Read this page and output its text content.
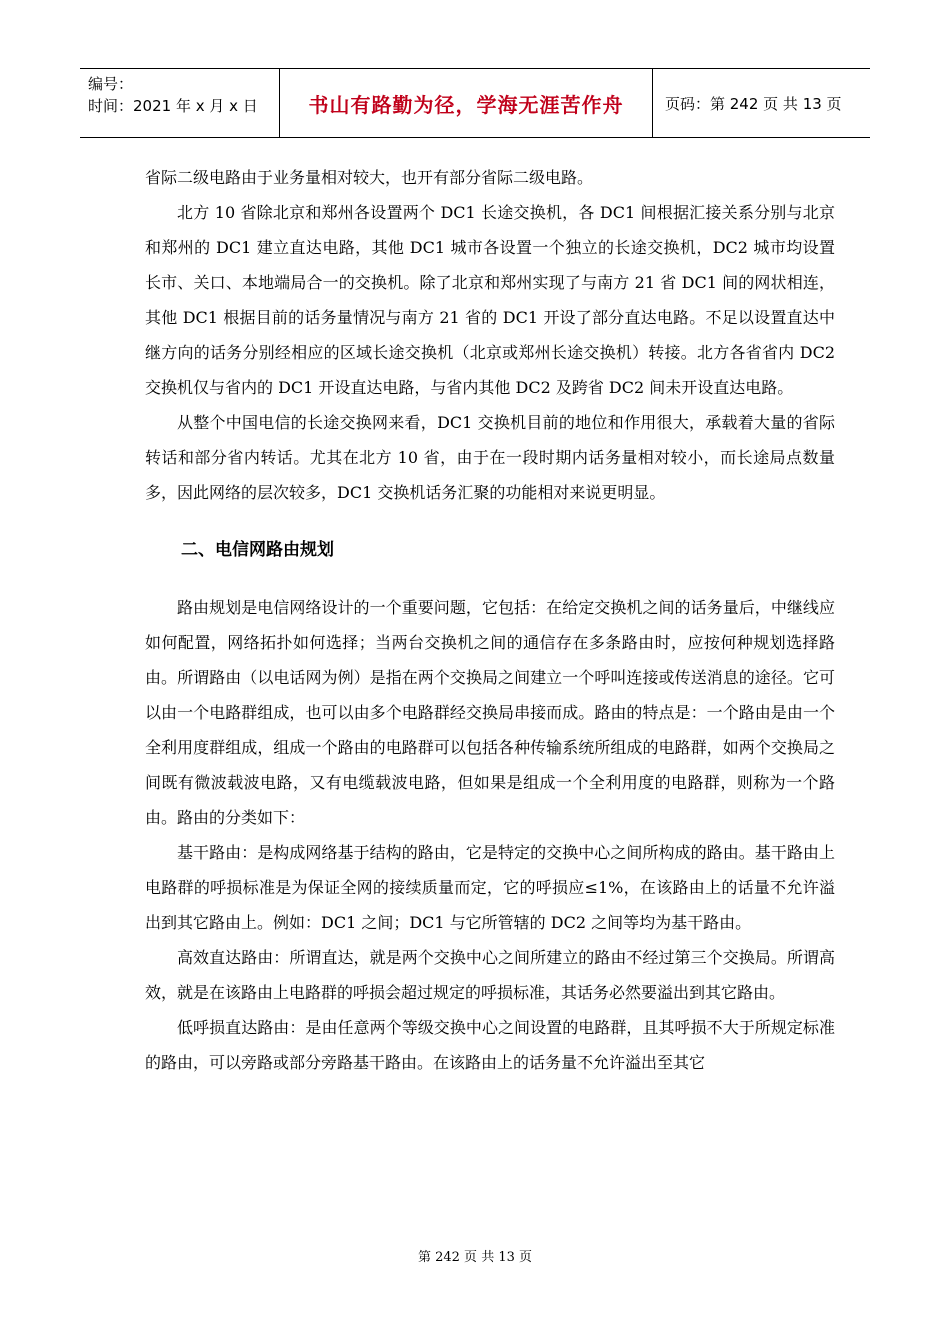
编号：
时间：2021 年 x 月 x 日	书山有路勤为径，学海无涯苦作舟	页码：第 242 页 共 13 页

省际二级电路由于业务量相对较大，也开有部分省际二级电路。

北方 10 省除北京和郑州各设置两个 DC1 长途交换机，各 DC1 间根据汇接关系分别与北京和郑州的 DC1 建立直达电路，其他 DC1 城市各设置一个独立的长途交换机，DC2 城市均设置长市、关口、本地端局合一的交换机。除了北京和郑州实现了与南方 21 省 DC1 间的网状相连，其他 DC1 根据目前的话务量情况与南方 21 省的 DC1 开设了部分直达电路。不足以设置直达中继方向的话务分别经相应的区域长途交换机（北京或郑州长途交换机）转接。北方各省省内 DC2 交换机仅与省内的 DC1 开设直达电路，与省内其他 DC2 及跨省 DC2 间未开设直达电路。

从整个中国电信的长途交换网来看，DC1 交换机目前的地位和作用很大，承载着大量的省际转话和部分省内转话。尤其在北方 10 省，由于在一段时期内话务量相对较小，而长途局点数量多，因此网络的层次较多，DC1 交换机话务汇聚的功能相对来说更明显。

二、电信网路由规划

路由规划是电信网络设计的一个重要问题，它包括：在给定交换机之间的话务量后，中继线应如何配置，网络拓扑如何选择；当两台交换机之间的通信存在多条路由时，应按何种规划选择路由。所谓路由（以电话网为例）是指在两个交换局之间建立一个呼叫连接或传送消息的途径。它可以由一个电路群组成，也可以由多个电路群经交换局串接而成。路由的特点是：一个路由是由一个全利用度群组成，组成一个路由的电路群可以包括各种传输系统所组成的电路群，如两个交换局之间既有微波载波电路，又有电缆载波电路，但如果是组成一个全利用度的电路群，则称为一个路由。路由的分类如下：

基干路由：是构成网络基于结构的路由，它是特定的交换中心之间所构成的路由。基干路由上电路群的呼损标准是为保证全网的接续质量而定，它的呼损应≤1%，在该路由上的话量不允许溢出到其它路由上。例如：DC1 之间；DC1 与它所管辖的 DC2 之间等均为基干路由。

高效直达路由：所谓直达，就是两个交换中心之间所建立的路由不经过第三个交换局。所谓高效，就是在该路由上电路群的呼损会超过规定的呼损标准，其话务必然要溢出到其它路由。

低呼损直达路由：是由任意两个等级交换中心之间设置的电路群，且其呼损不大于所规定标准的路由，可以旁路或部分旁路基干路由。在该路由上的话务量不允许溢出至其它

第 242 页 共 13 页
